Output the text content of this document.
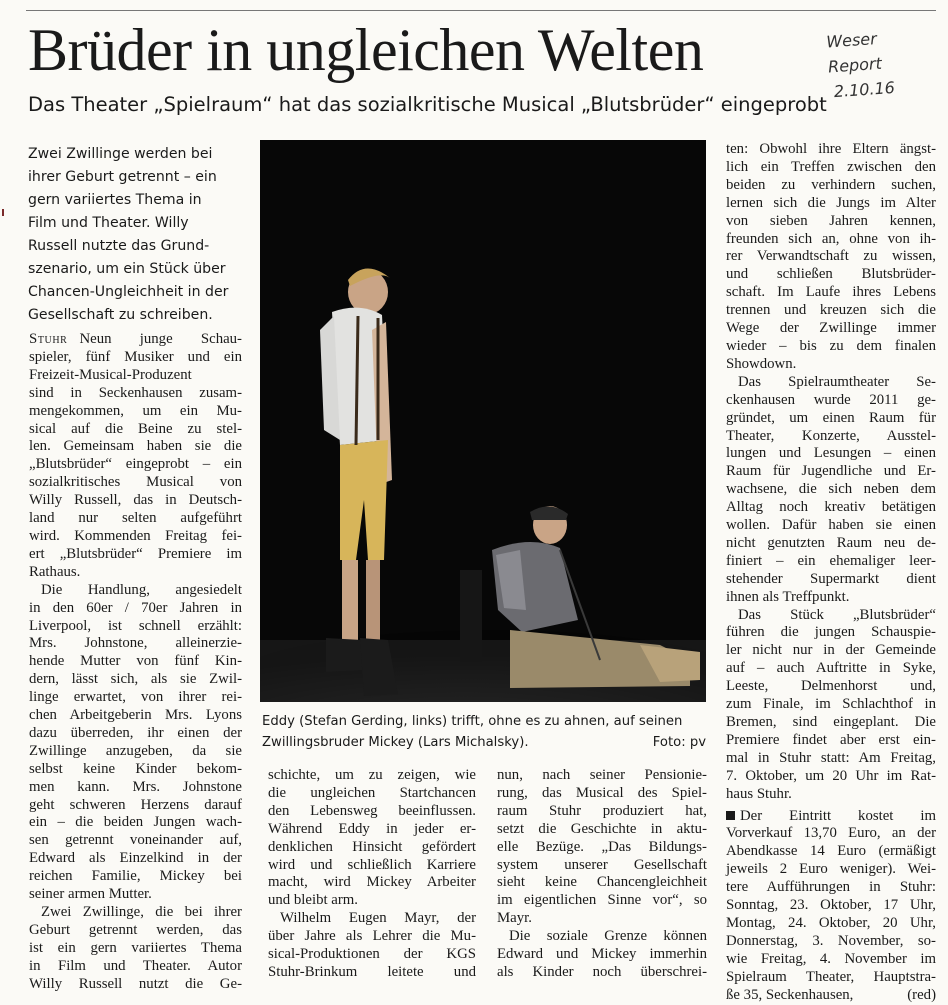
Brüder in ungleichen Welten	Weser Report
2.10.16
Das Theater „Spielraum“ hat das sozialkritische Musical „Blutsbrüder“ eingeprobt
Zwei Zwillinge werden bei
ihrer Geburt getrennt – ein
gern variiertes Thema in
Film und Theater. Willy
Russell nutzte das Grund-
szenario, um ein Stück über
Chancen-Ungleichheit in der
Gesellschaft zu schreiben.
Stuhr Neun junge Schau-
spieler, fünf Musiker und ein
Freizeit-Musical-Produzent
sind in Seckenhausen zusam-
mengekommen, um ein Mu-
sical auf die Beine zu stel-
len. Gemeinsam haben sie die
„Blutsbrüder“ eingeprobt – ein
sozialkritisches Musical von
Willy Russell, das in Deutsch-
land nur selten aufgeführt
wird. Kommenden Freitag fei-
ert „Blutsbrüder“ Premiere im
Rathaus.
Die Handlung, angesiedelt
in den 60er / 70er Jahren in
Liverpool, ist schnell erzählt:
Mrs. Johnstone, alleinerzie-
hende Mutter von fünf Kin-
dern, lässt sich, als sie Zwil-
linge erwartet, von ihrer rei-
chen Arbeitgeberin Mrs. Lyons
dazu überreden, ihr einen der
Zwillinge anzugeben, da sie
selbst keine Kinder bekom-
men kann. Mrs. Johnstone
geht schweren Herzens darauf
ein – die beiden Jungen wach-
sen getrennt voneinander auf,
Edward als Einzelkind in der
reichen Familie, Mickey bei
seiner armen Mutter.
Zwei Zwillinge, die bei ihrer
Geburt getrennt werden, das
ist ein gern variiertes Thema
in Film und Theater. Autor
Willy Russell nutzt die Ge-
Eddy (Stefan Gerding, links) trifft, ohne es zu ahnen, auf seinen
Zwillingsbruder Mickey (Lars Michalsky).	Foto: pv
schichte, um zu zeigen, wie
die ungleichen Startchancen
den Lebensweg beeinflussen.
Während Eddy in jeder er-
denklichen Hinsicht gefördert
wird und schließlich Karriere
macht, wird Mickey Arbeiter
und bleibt arm.
Wilhelm Eugen Mayr, der
über Jahre als Lehrer die Mu-
sical-Produktionen der KGS
Stuhr-Brinkum leitete und
nun, nach seiner Pensionie-
rung, das Musical des Spiel-
raum Stuhr produziert hat,
setzt die Geschichte in aktu-
elle Bezüge. „Das Bildungs-
system unserer Gesellschaft
sieht keine Chancengleichheit
im eigentlichen Sinne vor“, so
Mayr.
Die soziale Grenze können
Edward und Mickey immerhin
als Kinder noch überschrei-
ten: Obwohl ihre Eltern ängst-
lich ein Treffen zwischen den
beiden zu verhindern suchen,
lernen sich die Jungs im Alter
von sieben Jahren kennen,
freunden sich an, ohne von ih-
rer Verwandtschaft zu wissen,
und schließen Blutsbrüder-
schaft. Im Laufe ihres Lebens
trennen und kreuzen sich die
Wege der Zwillinge immer
wieder – bis zu dem finalen
Showdown.
Das Spielraumtheater Se-
ckenhausen wurde 2011 ge-
gründet, um einen Raum für
Theater, Konzerte, Ausstel-
lungen und Lesungen – einen
Raum für Jugendliche und Er-
wachsene, die sich neben dem
Alltag noch kreativ betätigen
wollen. Dafür haben sie einen
nicht genutzten Raum neu de-
finiert – ein ehemaliger leer-
stehender Supermarkt dient
ihnen als Treffpunkt.
Das Stück „Blutsbrüder“
führen die jungen Schauspie-
ler nicht nur in der Gemeinde
auf – auch Auftritte in Syke,
Leeste, Delmenhorst und,
zum Finale, im Schlachthof in
Bremen, sind eingeplant. Die
Premiere findet aber erst ein-
mal in Stuhr statt: Am Freitag,
7. Oktober, um 20 Uhr im Rat-
haus Stuhr.
Der Eintritt kostet im
Vorverkauf 13,70 Euro, an der
Abendkasse 14 Euro (ermäßigt
jeweils 2 Euro weniger). Wei-
tere Aufführungen in Stuhr:
Sonntag, 23. Oktober, 17 Uhr,
Montag, 24. Oktober, 20 Uhr,
Donnerstag, 3. November, so-
wie Freitag, 4. November im
Spielraum Theater, Hauptstra-
ße 35, Seckenhausen,	(red)
